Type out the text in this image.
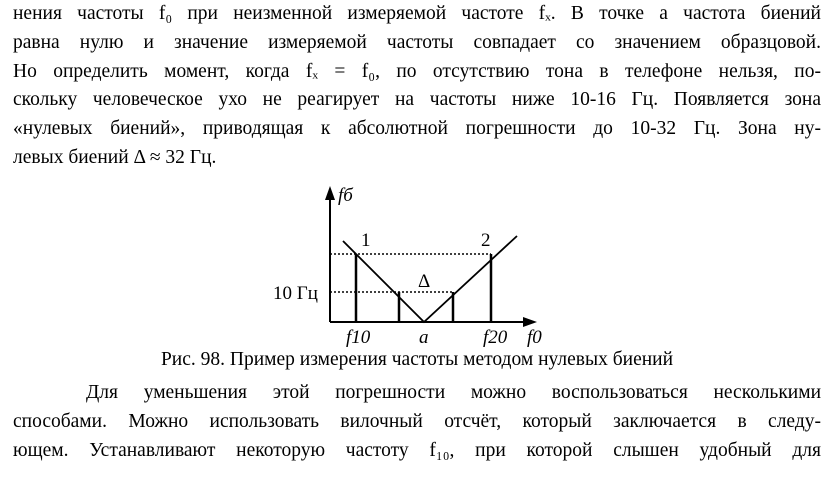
нения частоты f₀ при неизменной измеряемой частоте fₓ. В точке a частота биений
равна нулю и значение измеряемой частоты совпадает со значением образцовой.
Но определить момент, когда fₓ = f₀, по отсутствию тона в телефоне нельзя, по-
скольку человеческое ухо не реагирует на частоты ниже 10-16 Гц. Появляется зона
«нулевых биений», приводящая к абсолютной погрешности до 10-32 Гц. Зона ну-
левых биений Δ ≈ 32 Гц.
fб
1	2
Δ
10 Гц
f10	a	f20 f0
Рис. 98. Пример измерения частоты методом нулевых биений
Для уменьшения этой погрешности можно воспользоваться несколькими
способами. Можно использовать вилочный отсчёт, который заключается в следу-
ющем. Устанавливают некоторую частоту f₁₀, при которой слышен удобный для
